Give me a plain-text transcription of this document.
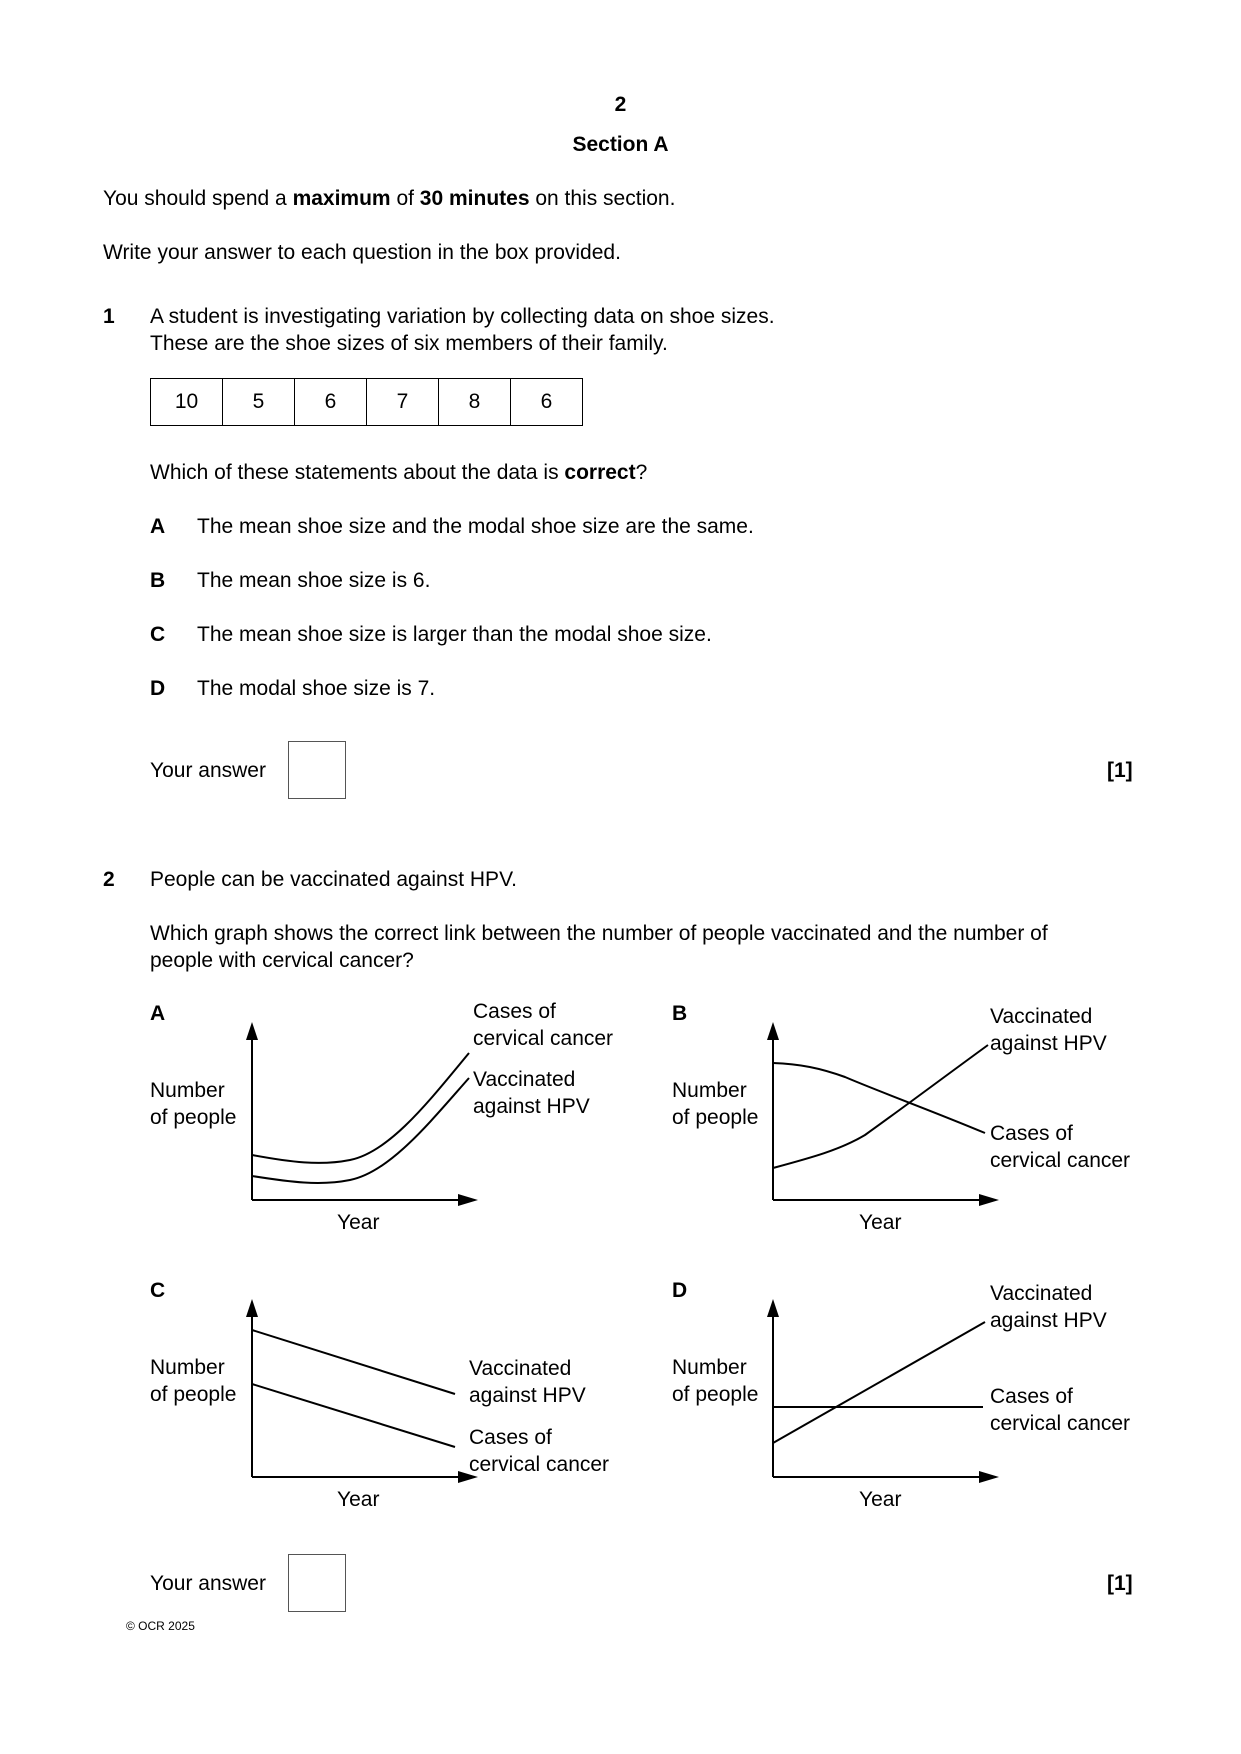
2
Section A
You should spend a maximum of 30 minutes on this section.
Write your answer to each question in the box provided.
1 A student is investigating variation by collecting data on shoe sizes.
These are the shoe sizes of six members of their family.
10	5	6	7	8	6
Which of these statements about the data is correct?
A The mean shoe size and the modal shoe size are the same.
B The mean shoe size is 6.
C The mean shoe size is larger than the modal shoe size.
D The modal shoe size is 7.
Your answer	[1]
2 People can be vaccinated against HPV.
Which graph shows the correct link between the number of people vaccinated and the number of
people with cervical cancer?
A
Number
of people
Year
Cases of
cervical cancer
Vaccinated
against HPV
B
Number
of people
Year
Vaccinated
against HPV
Cases of
cervical cancer
C
Number
of people
Year
Vaccinated
against HPV
Cases of
cervical cancer
D
Number
of people
Year
Vaccinated
against HPV
Cases of
cervical cancer
Your answer	[1]
© OCR 2025
